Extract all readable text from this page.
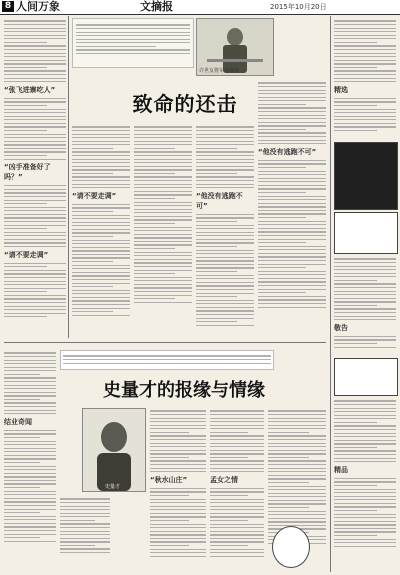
8 人间万象	文摘报	2015年10月20日
“张飞进寨吃人”
“凶手准备好了吗？”
“请不要走调”
许世友将军在战场
致命的还击
“请不要走调”	“他没有逃跑不可”
“他没有逃跑不可”
史量才的报缘与情缘
结业奇闻
史量才
“秋水山庄”	孟女之情
精选
敬告
精品
